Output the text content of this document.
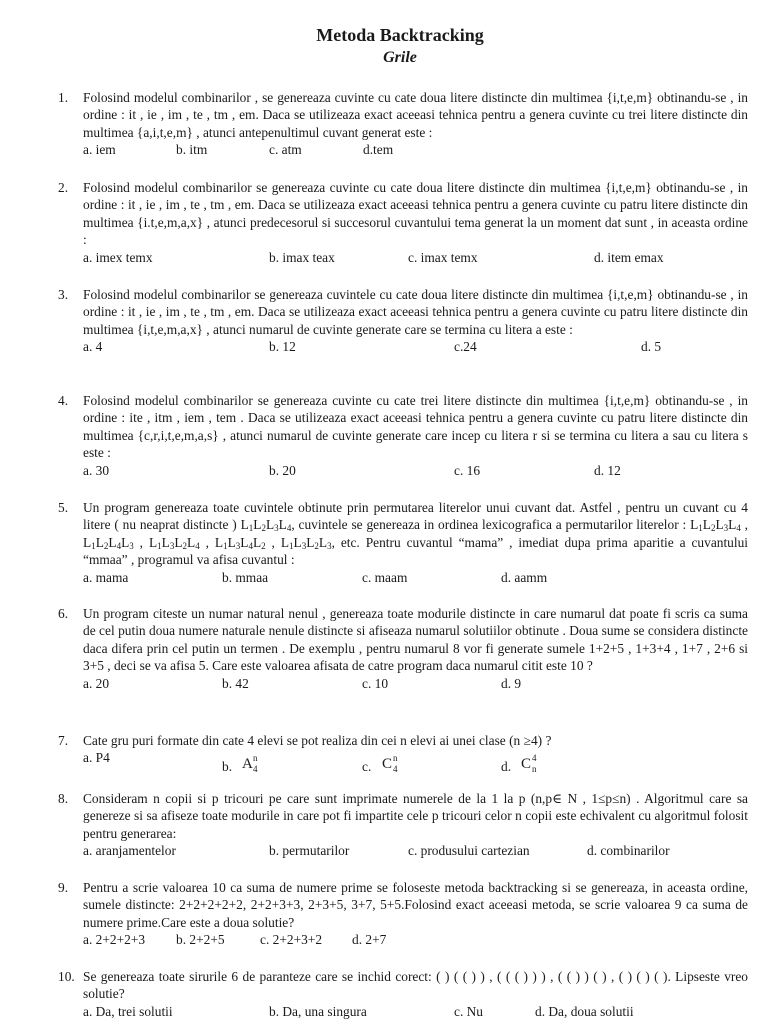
Metoda Backtracking
Grile
1. Folosind modelul combinarilor , se genereaza cuvinte cu cate doua litere distincte din multimea {i,t,e,m} obtinandu-se , in ordine : it , ie , im , te , tm , em. Daca se utilizeaza exact aceeasi tehnica pentru a genera cuvinte cu trei litere distincte din multimea {a,i,t,e,m} , atunci antepenultimul cuvant generat este :
a. iem	b. itm	c. atm	d.tem
2. Folosind modelul combinarilor se genereaza cuvinte cu cate doua litere distincte din multimea {i,t,e,m} obtinandu-se , in ordine : it , ie , im , te , tm , em. Daca se utilizeaza exact aceeasi tehnica pentru a genera cuvinte cu patru litere distincte din multimea {i.t,e,m,a,x} , atunci predecesorul si succesorul cuvantului tema generat la un moment dat sunt , in aceasta ordine :
a. imex temx	b. imax teax	c. imax temx	d. item emax
3. Folosind modelul combinarilor se genereaza cuvintele cu cate doua litere distincte din multimea {i,t,e,m} obtinandu-se , in ordine : it , ie , im , te , tm , em. Daca se utilizeaza exact aceeasi tehnica pentru a genera cuvinte cu patru litere distincte din multimea {i,t,e,m,a,x} , atunci numarul de cuvinte generate care se termina cu litera a este :
a. 4	b. 12	c.24	d. 5
4. Folosind modelul combinarilor se genereaza cuvinte cu cate trei litere distincte din multimea {i,t,e,m} obtinandu-se , in ordine : ite , itm , iem , tem . Daca se utilizeaza exact aceeasi tehnica pentru a genera cuvinte cu patru litere distincte din multimea {c,r,i,t,e,m,a,s} , atunci numarul de cuvinte generate care incep cu litera r si se termina cu litera a sau cu litera s este :
a. 30	b. 20	c. 16	d. 12
5. Un program genereaza toate cuvintele obtinute prin permutarea literelor unui cuvant dat. Astfel , pentru un cuvant cu 4 litere ( nu neaprat distincte ) $L_1L_2L_3L_4$, cuvintele se genereaza in ordinea lexicografica a permutarilor literelor : $L_1L_2L_3L_4$ , $L_1L_2L_4L_3$ , $L_1L_3L_2L_4$ , $L_1L_3L_4L_2$ , $L_1L_3L_2L_3$, etc. Pentru cuvantul “mama” , imediat dupa prima aparitie a cuvantului “mmaa” , programul va afisa cuvantul :
a. mama	b. mmaa	c. maam	d. aamm
6. Un program citeste un numar natural nenul , genereaza toate modurile distincte in care numarul dat poate fi scris ca suma de cel putin doua numere naturale nenule distincte si afiseaza numarul solutiilor obtinute . Doua sume se considera distincte daca difera prin cel putin un termen . De exemplu , pentru numarul 8 vor fi generate sumele 1+2+5 , 1+3+4 , 1+7 , 2+6 si 3+5 , deci se va afisa 5. Care este valoarea afisata de catre program daca numarul citit este 10 ?
a. 20	b. 42	c. 10	d. 9
7. Cate gru puri formate din cate 4 elevi se pot realiza din cei n elevi ai unei clase (n ≥4) ?
a. P4
b. A n
4	c. C n
4	d. C 4
n
8. Consideram n copii si p tricouri pe care sunt imprimate numerele de la 1 la p (n,p∈ N , 1≤p≤n) . Algoritmul care sa genereze si sa afiseze toate modurile in care pot fi impartite cele p tricouri celor n copii este echivalent cu algoritmul folosit pentru generarea:
a. aranjamentelor	b. permutarilor	c. produsului cartezian	d. combinarilor
9. Pentru a scrie valoarea 10 ca suma de numere prime se foloseste metoda backtracking si se genereaza, in aceasta ordine, sumele distincte: 2+2+2+2+2, 2+2+3+3, 2+3+5, 3+7, 5+5.Folosind exact aceeasi metoda, se scrie valoarea 9 ca suma de numere prime.Care este a doua solutie?
a. 2+2+2+3 b. 2+2+5	c. 2+2+3+2 d. 2+7
10. Se genereaza toate sirurile 6 de paranteze care se inchid corect: ( ) ( ( ) ) , ( ( ( ) ) ) , ( ( ) ) ( ) , ( ) ( ) ( ). Lipseste vreo solutie?
a. Da, trei solutii	b. Da, una singura	c. Nu	d. Da, doua solutii
